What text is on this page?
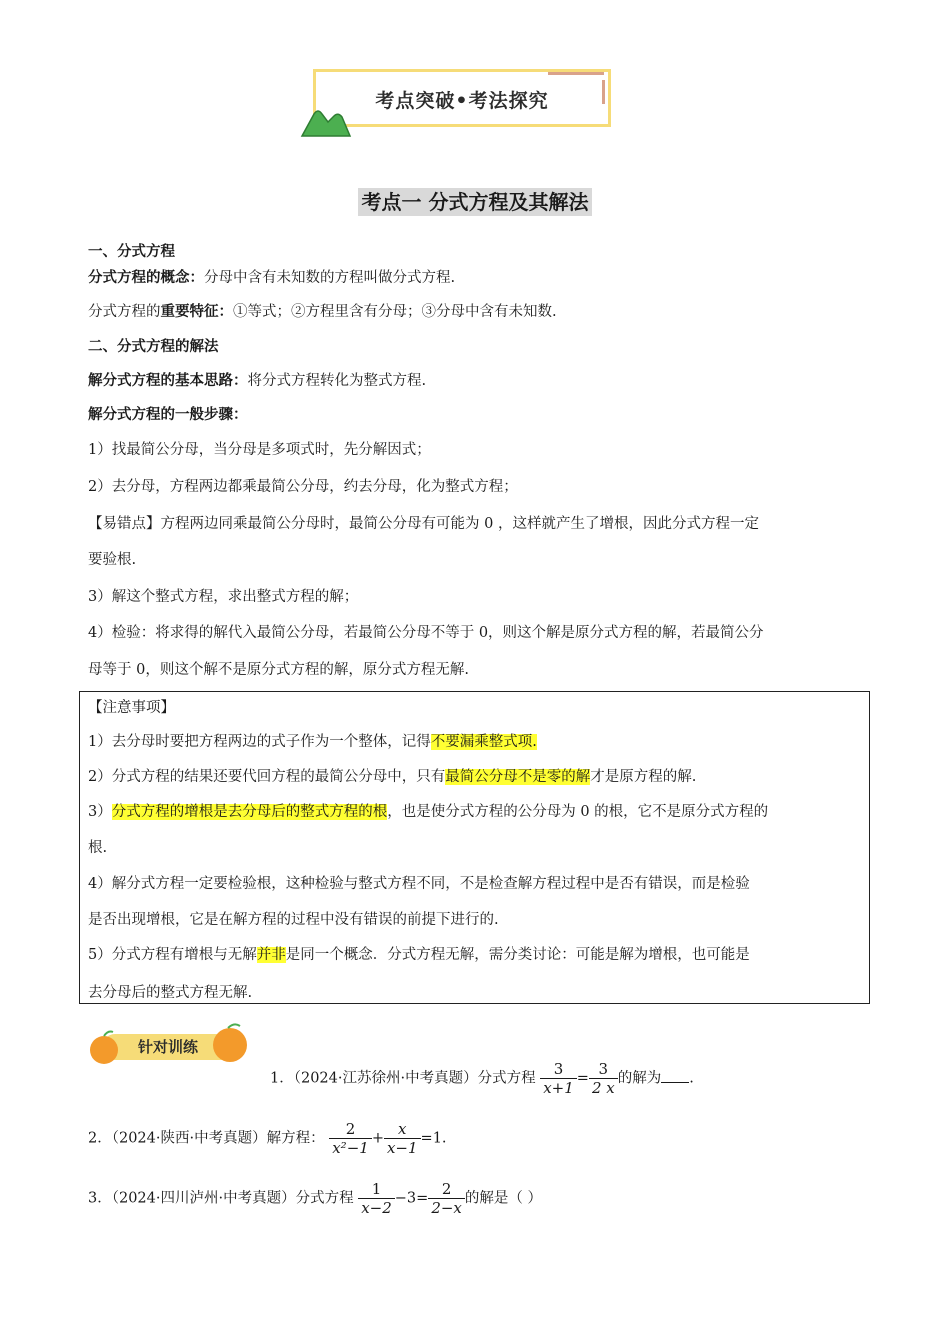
考点突破•考法探究
考点一 分式方程及其解法
一、分式方程
分式方程的概念：分母中含有未知数的方程叫做分式方程.
分式方程的重要特征：①等式；②方程里含有分母；③分母中含有未知数.
二、分式方程的解法
解分式方程的基本思路：将分式方程转化为整式方程.
解分式方程的一般步骤：
1）找最简公分母，当分母是多项式时，先分解因式；
2）去分母，方程两边都乘最简公分母，约去分母，化为整式方程；
【易错点】方程两边同乘最简公分母时，最简公分母有可能为 0 ，这样就产生了增根，因此分式方程一定
要验根.
3）解这个整式方程，求出整式方程的解；
4）检验：将求得的解代入最简公分母，若最简公分母不等于 0，则这个解是原分式方程的解，若最简公分
母等于 0，则这个解不是原分式方程的解，原分式方程无解.
【注意事项】
1）去分母时要把方程两边的式子作为一个整体，记得不要漏乘整式项.
2）分式方程的结果还要代回方程的最简公分母中，只有最简公分母不是零的解才是原方程的解.
3）分式方程的增根是去分母后的整式方程的根，也是使分式方程的公分母为 0 的根，它不是原分式方程的
根.
4）解分式方程一定要检验根，这种检验与整式方程不同，不是检查解方程过程中是否有错误，而是检验
是否出现增根，它是在解方程的过程中没有错误的前提下进行的.
5）分式方程有增根与无解并非是同一个概念．分式方程无解，需分类讨论：可能是解为增根，也可能是
去分母后的整式方程无解.
针对训练
1．（2024·江苏徐州·中考真题）分式方程 $\frac{3}{x+1} = \frac{3}{2 x}$ 的解为 .
2．（2024·陕西·中考真题）解方程： $\frac{2}{\text{x²−1}} + \frac{x}{x-1} =1$.
3．（2024·四川泸州·中考真题）分式方程 $\frac{1}{x-2} -3= \frac{2}{2-x}$ 的解是（ ）
